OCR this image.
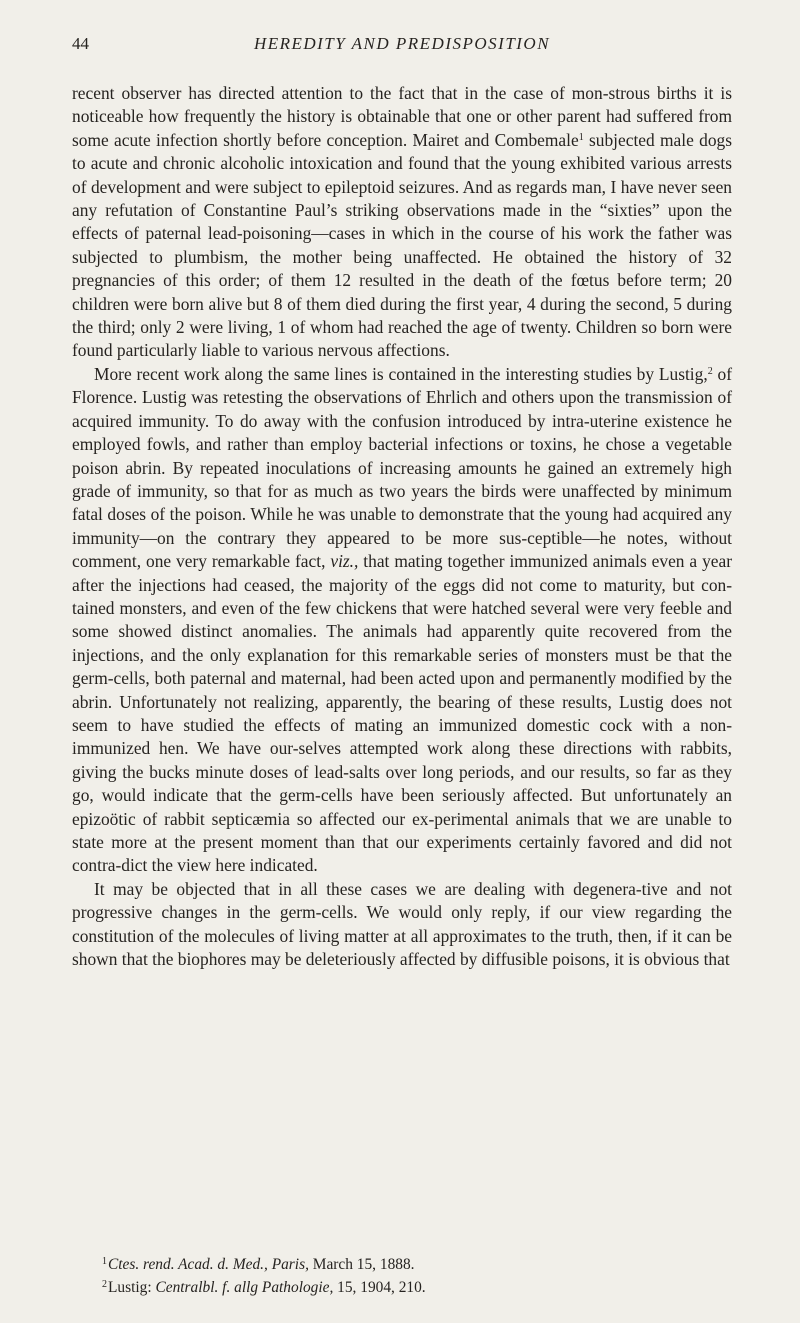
44	HEREDITY AND PREDISPOSITION

recent observer has directed attention to the fact that in the case of mon-strous births it is noticeable how frequently the history is obtainable that one or other parent had suffered from some acute infection shortly before conception. Mairet and Combemale$^1$ subjected male dogs to acute and chronic alcoholic intoxication and found that the young exhibited various arrests of development and were subject to epileptoid seizures. And as regards man, I have never seen any refutation of Constantine Paul’s striking observations made in the “sixties” upon the effects of paternal lead-poisoning—cases in which in the course of his work the father was subjected to plumbism, the mother being unaffected. He obtained the history of 32 pregnancies of this order; of them 12 resulted in the death of the fœtus before term; 20 children were born alive but 8 of them died during the first year, 4 during the second, 5 during the third; only 2 were living, 1 of whom had reached the age of twenty. Children so born were found particularly liable to various nervous affections.

More recent work along the same lines is contained in the interesting studies by Lustig,$^2$ of Florence. Lustig was retesting the observations of Ehrlich and others upon the transmission of acquired immunity. To do away with the confusion introduced by intra-uterine existence he employed fowls, and rather than employ bacterial infections or toxins, he chose a vegetable poison abrin. By repeated inoculations of increasing amounts he gained an extremely high grade of immunity, so that for as much as two years the birds were unaffected by minimum fatal doses of the poison. While he was unable to demonstrate that the young had acquired any immunity—on the contrary they appeared to be more sus-ceptible—he notes, without comment, one very remarkable fact, viz., that mating together immunized animals even a year after the injections had ceased, the majority of the eggs did not come to maturity, but con-tained monsters, and even of the few chickens that were hatched several were very feeble and some showed distinct anomalies. The animals had apparently quite recovered from the injections, and the only explanation for this remarkable series of monsters must be that the germ-cells, both paternal and maternal, had been acted upon and permanently modified by the abrin. Unfortunately not realizing, apparently, the bearing of these results, Lustig does not seem to have studied the effects of mating an immunized domestic cock with a non-immunized hen. We have our-selves attempted work along these directions with rabbits, giving the bucks minute doses of lead-salts over long periods, and our results, so far as they go, would indicate that the germ-cells have been seriously affected. But unfortunately an epizoötic of rabbit septicæmia so affected our ex-perimental animals that we are unable to state more at the present moment than that our experiments certainly favored and did not contra-dict the view here indicated.

It may be objected that in all these cases we are dealing with degenera-tive and not progressive changes in the germ-cells. We would only reply, if our view regarding the constitution of the molecules of living matter at all approximates to the truth, then, if it can be shown that the biophores may be deleteriously affected by diffusible poisons, it is obvious that

$^1$Ctes. rend. Acad. d. Med., Paris, March 15, 1888.
$^2$Lustig: Centralbl. f. allg Pathologie, 15, 1904, 210.
